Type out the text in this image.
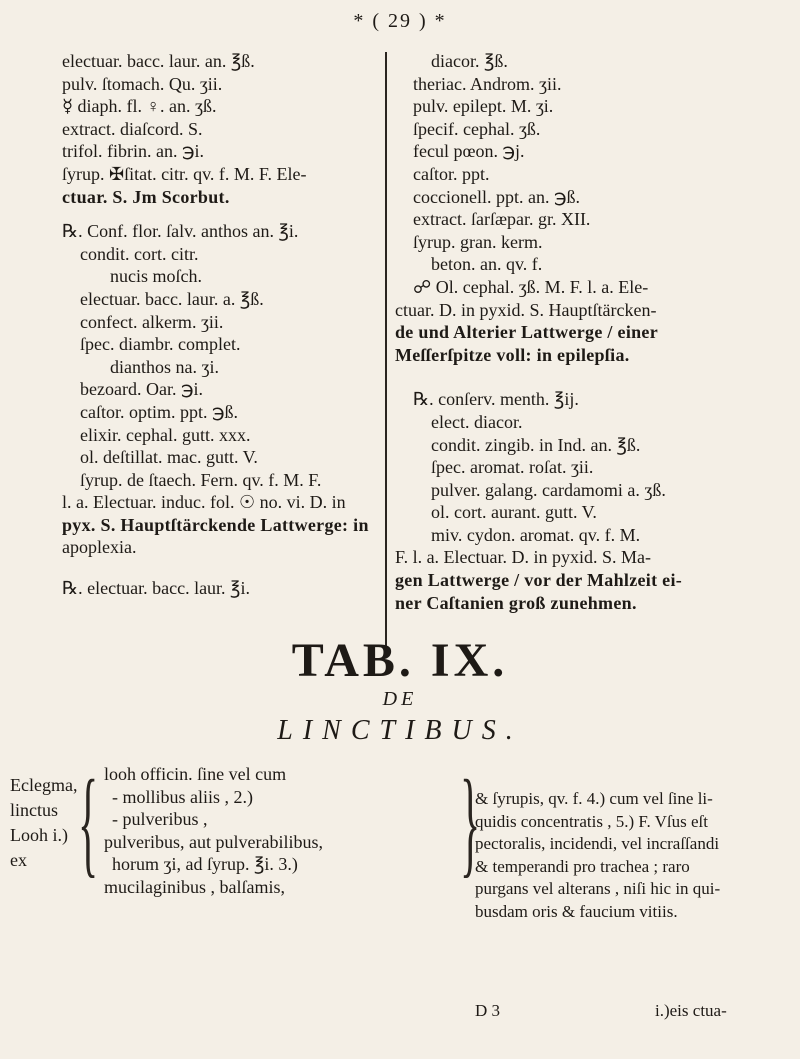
* ( 29 ) *
electuar. bacc. laur. an. ℥ß.
pulv. ſtomach. Qu. ʒii.
☿ diaph. fl. ♀. an. ʒß.
extract. diaſcord. S.
trifol. fibrin. an. ℈i.
ſyrup. ✠ſitat. citr. qv. f. M. F. Ele-
ctuar. S. Jm Scorbut.
℞. Conf. flor. ſalv. anthos an. ℥i.
condit. cort. citr.
nucis moſch.
electuar. bacc. laur. a. ℥ß.
confect. alkerm. ʒii.
ſpec. diambr. complet.
dianthos na. ʒi.
bezoard. Oar. ℈i.
caſtor. optim. ppt. ℈ß.
elixir. cephal. gutt. xxx.
ol. deſtillat. mac. gutt. V.
ſyrup. de ſtaech. Fern. qv. f. M. F.
l. a. Electuar. induc. fol. ☉ no. vi. D. in
pyx. S. Hauptſtärckende Lattwerge: in
apoplexia.
℞. electuar. bacc. laur. ℥i.
diacor. ℥ß.
theriac. Androm. ʒii.
pulv. epilept. M. ʒi.
ſpecif. cephal. ʒß.
fecul pœon. ℈j.
caſtor. ppt.
coccionell. ppt. an. ℈ß.
extract. ſarſæpar. gr. XII.
ſyrup. gran. kerm.
beton. an. qv. f.
☍ Ol. cephal. ʒß. M. F. l. a. Ele-
ctuar. D. in pyxid. S. Hauptſtärcken-
de und Alterier Lattwerge / einer
Meſſerſpitze voll: in epilepſia.
℞. conſerv. menth. ℥ij.
elect. diacor.
condit. zingib. in Ind. an. ℥ß.
ſpec. aromat. roſat. ʒii.
pulver. galang. cardamomi a. ʒß.
ol. cort. aurant. gutt. V.
miv. cydon. aromat. qv. f. M.
F. l. a. Electuar. D. in pyxid. S. Ma-
gen Lattwerge / vor der Mahlzeit ei-
ner Caſtanien groß zunehmen.
TAB. IX.
DE
LINCTIBUS.
Eclegma,
linctus
Looh i.)
ex { looh officin. ſine vel cum
- mollibus aliis , 2.)
- pulveribus ,
pulveribus, aut pulverabilibus,
horum ʒi, ad ſyrup. ℥i. 3.)
mucilaginibus , balſamis,	}
& ſyrupis, qv. f. 4.) cum vel ſine li-
quidis concentratis , 5.) F. Vſus eſt
pectoralis, incidendi, vel incraſſandi
& temperandi pro trachea ; raro
purgans vel alterans , niſi hic in qui-
busdam oris & faucium vitiis.
D 3	i.)eis ctua-
